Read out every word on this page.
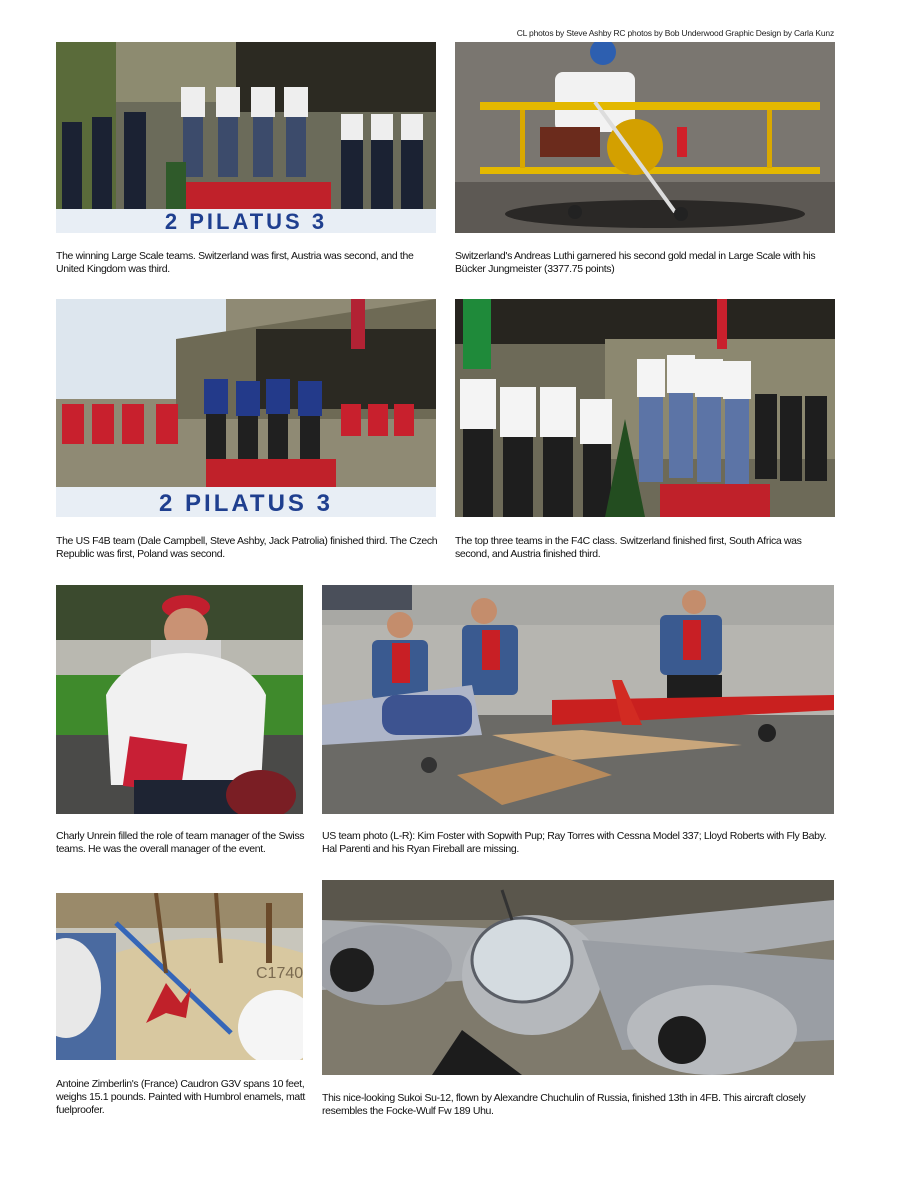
CL photos by Steve Ashby RC photos by Bob Underwood Graphic Design by Carla Kunz
2 PILATUS 3
The winning Large Scale teams. Switzerland was first, Austria was second, and the United Kingdom was third.
Switzerland's Andreas Luthi garnered his second gold medal in Large Scale with his Bücker Jungmeister (3377.75 points)
2 PILATUS 3
The US F4B team (Dale Campbell, Steve Ashby, Jack Patrolia) finished third. The Czech Republic was first, Poland was second.
The top three teams in the F4C class. Switzerland finished first, South Africa was second, and Austria finished third.
Charly Unrein filled the role of team manager of the Swiss teams. He was the overall manager of the event.
US team photo (L-R): Kim Foster with Sopwith Pup; Ray Torres with Cessna Model 337; Lloyd Roberts with Fly Baby. Hal Parenti and his Ryan Fireball are missing.
C1740
Antoine Zimberlin's (France) Caudron G3V spans 10 feet, weighs 15.1 pounds. Painted with Humbrol enamels, matt fuelproofer.
This nice-looking Sukoi Su-12, flown by Alexandre Chuchulin of Russia, finished 13th in 4FB. This aircraft closely resembles the Focke-Wulf Fw 189 Uhu.
